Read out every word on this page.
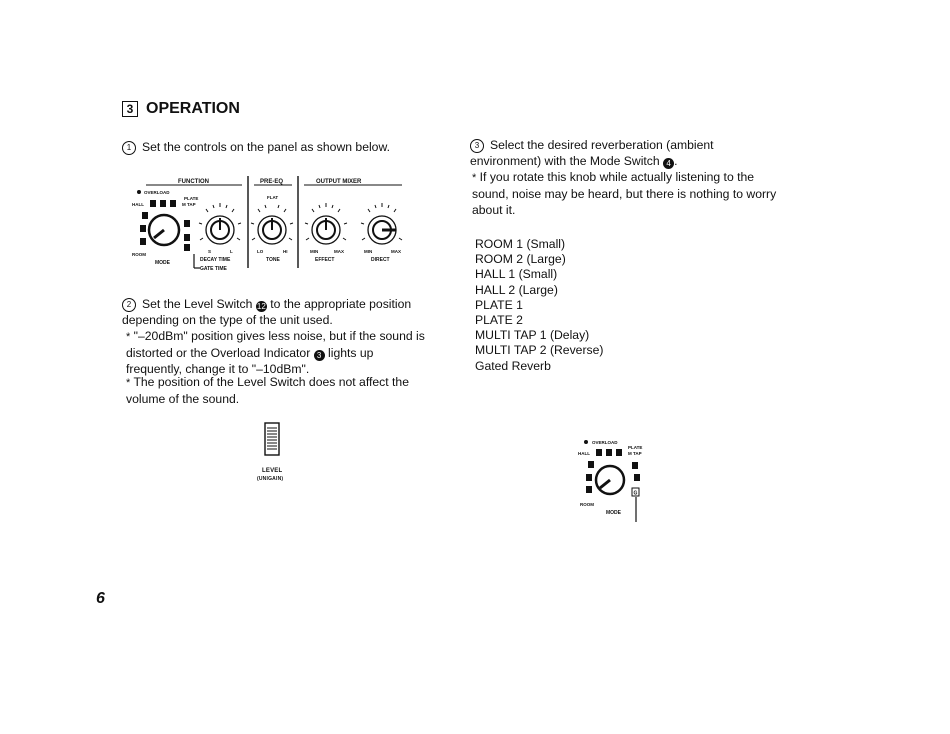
3 OPERATION
1 Set the controls on the panel as shown below.
FUNCTION	PRE-EQ	OUTPUT MIXER
OVERLOAD
PLATE
HALL	M TAP
ROOM
MODE
S	L
DECAY TIME
GATE TIME
FLAT
LO	HI
TONE
MIN	MAX
EFFECT
MIN	MAX
DIRECT
2 Set the Level Switch 12 to the appropriate position depending on the type of the unit used.
* "–20dBm" position gives less noise, but if the sound is distorted or the Overload Indicator 3 lights up frequently, change it to "–10dBm".
* The position of the Level Switch does not affect the volume of the sound.
LEVEL
(UNIGAIN)
3 Select the desired reverberation (ambient environment) with the Mode Switch 4 .
* If you rotate this knob while actually listening to the sound, noise may be heard, but there is nothing to worry about it.
ROOM 1 (Small)
ROOM 2 (Large)
HALL 1 (Small)
HALL 2 (Large)
PLATE 1
PLATE 2
MULTI TAP 1 (Delay)
MULTI TAP 2 (Reverse)
Gated Reverb
OVERLOAD
PLATE
HALL	M TAP
G
ROOM
MODE
6
